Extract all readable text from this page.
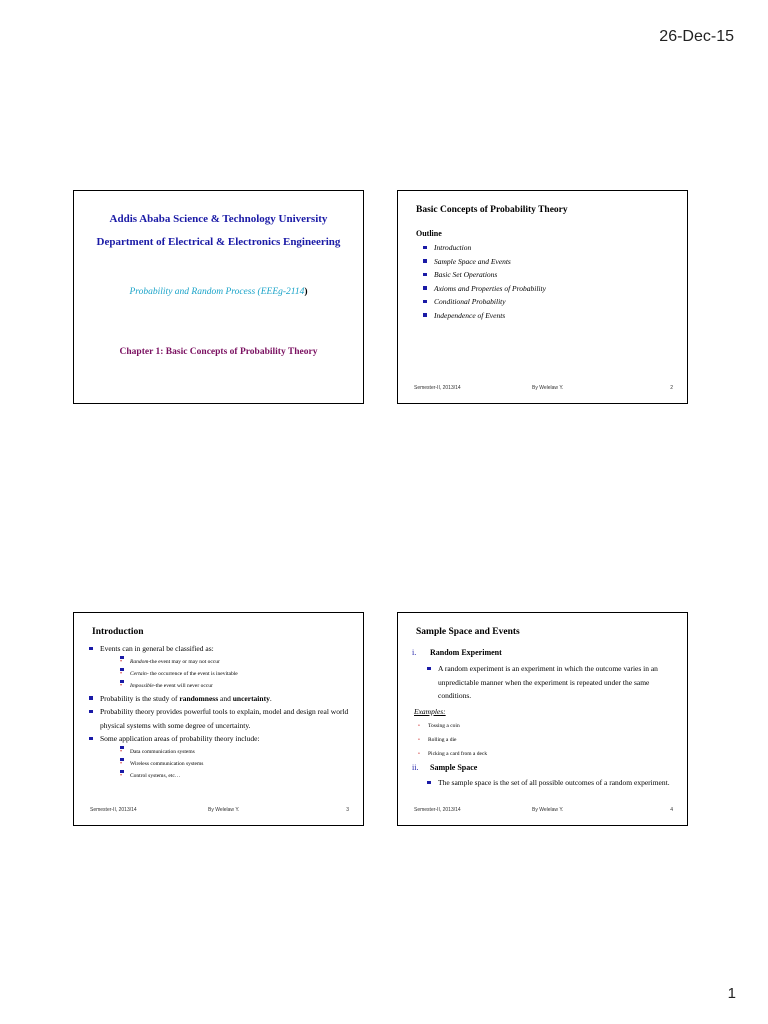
26-Dec-15
Addis Ababa Science & Technology University
Department of Electrical & Electronics Engineering
Probability and Random Process (EEEg-2114)
Chapter 1: Basic Concepts of Probability Theory
Basic Concepts of Probability Theory
Outline
Introduction
Sample Space and Events
Basic Set Operations
Axioms and Properties of Probability
Conditional Probability
Independence of Events
Semester-II, 2013/14	By Welelaw Y.	2
Introduction
Events can in general be classified as:
• Random-the event may or may not occur
• Certain- the occurrence of the event is inevitable
• Impossible-the event will never occur
Probability is the study of randomness and uncertainty.
Probability theory provides powerful tools to explain, model and design real world physical systems with some degree of uncertainty.
Some application areas of probability theory include:
• Data communication systems
• Wireless communication systems
• Control systems, etc…
Semester-II, 2013/14	By Welelaw Y.	3
Sample Space and Events
i. Random Experiment
A random experiment is an experiment in which the outcome varies in an unpredictable manner when the experiment is repeated under the same conditions.
Examples:
• Tossing a coin
• Rolling a die
• Picking a card from a deck
ii. Sample Space
The sample space is the set of all possible outcomes of a random experiment.
Semester-II, 2013/14	By Welelaw Y.	4
1
